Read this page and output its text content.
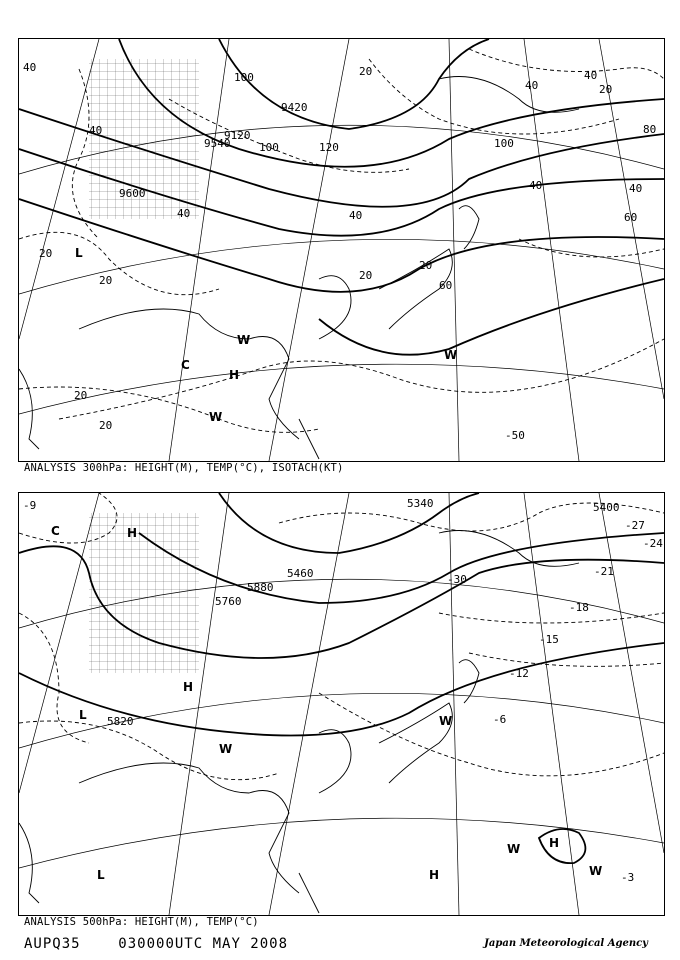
9600
9540
9120
9420
20
20
20
20
20
20
20
20
40
40
40	40
40
40
40
40
60
60
80
100
100	100
120
-50
L
C
H
W
W
W
ANALYSIS 300hPa: HEIGHT(M), TEMP(°C), ISOTACH(KT)
5880
5760
5820
5460
5400
5340
-9
-12
-15
-18
-21
-24
-27
-30
-3
-6
C	H
L
W
L
H
W H
H	W
W
ANALYSIS 500hPa: HEIGHT(M), TEMP(°C)
AUPQ35	030000UTC MAY 2008	Japan Meteorological Agency
